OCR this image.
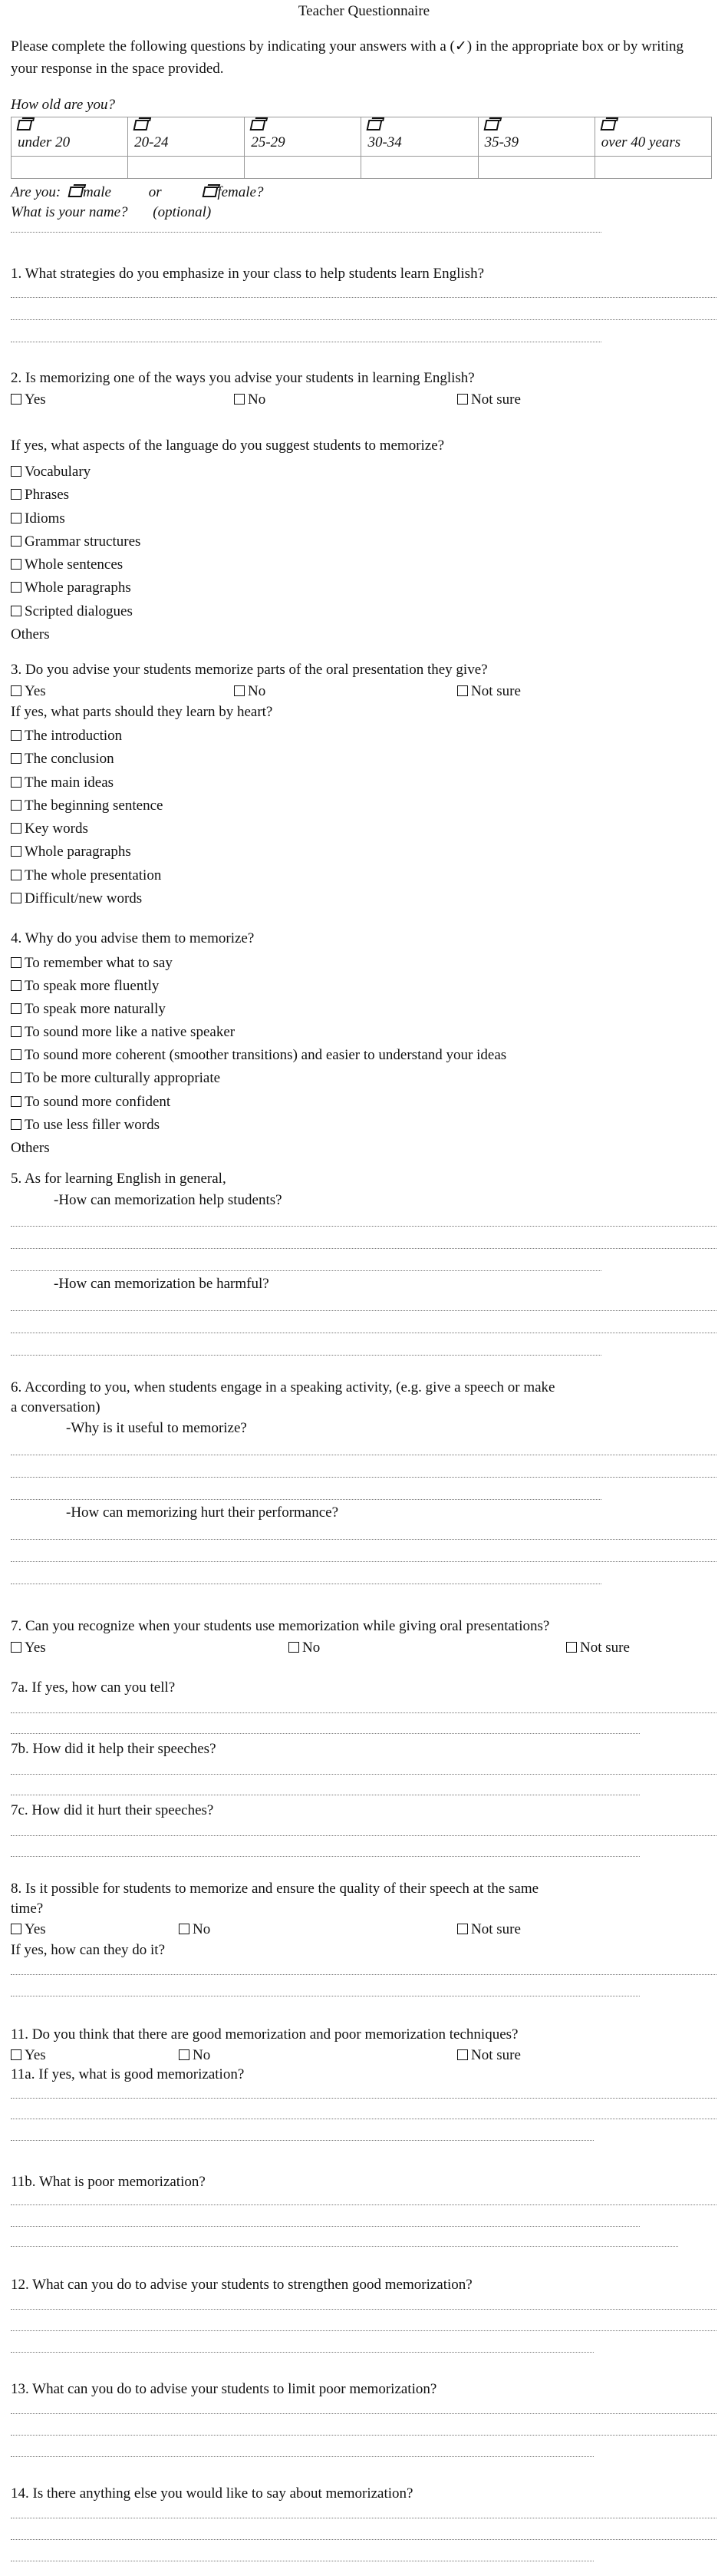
Teacher Questionnaire
Please complete the following questions by indicating your answers with a (✓) in the appropriate box or by writing your response in the space provided.
How old are you?

under 20	20-24	25-29	30-34	35-39	over 40 years

Are you: male	or	female?
What is your name? (optional)
1. What strategies do you emphasize in your class to help students learn English?
2. Is memorizing one of the ways you advise your students in learning English?
Yes	No	Not sure
If yes, what aspects of the language do you suggest students to memorize?
Vocabulary
Phrases
Idioms
Grammar structures
Whole sentences
Whole paragraphs
Scripted dialogues
Others
3. Do you advise your students memorize parts of the oral presentation they give?
Yes	No	Not sure
If yes, what parts should they learn by heart?
The introduction
The conclusion
The main ideas
The beginning sentence
Key words
Whole paragraphs
The whole presentation
Difficult/new words
4. Why do you advise them to memorize?
To remember what to say
To speak more fluently
To speak more naturally
To sound more like a native speaker
To sound more coherent (smoother transitions) and easier to understand your ideas
To be more culturally appropriate
To sound more confident
To use less filler words
Others
5. As for learning English in general,
-How can memorization help students?
-How can memorization be harmful?
6. According to you, when students engage in a speaking activity, (e.g. give a speech or make
a conversation)
-Why is it useful to memorize?
-How can memorizing hurt their performance?
7. Can you recognize when your students use memorization while giving oral presentations?
Yes	No	Not sure
7a. If yes, how can you tell?
7b. How did it help their speeches?
7c. How did it hurt their speeches?
8. Is it possible for students to memorize and ensure the quality of their speech at the same
time?
Yes	No	Not sure
If yes, how can they do it?
11. Do you think that there are good memorization and poor memorization techniques?
Yes	No	Not sure
11a. If yes, what is good memorization?
11b. What is poor memorization?
12. What can you do to advise your students to strengthen good memorization?
13. What can you do to advise your students to limit poor memorization?
14. Is there anything else you would like to say about memorization?
